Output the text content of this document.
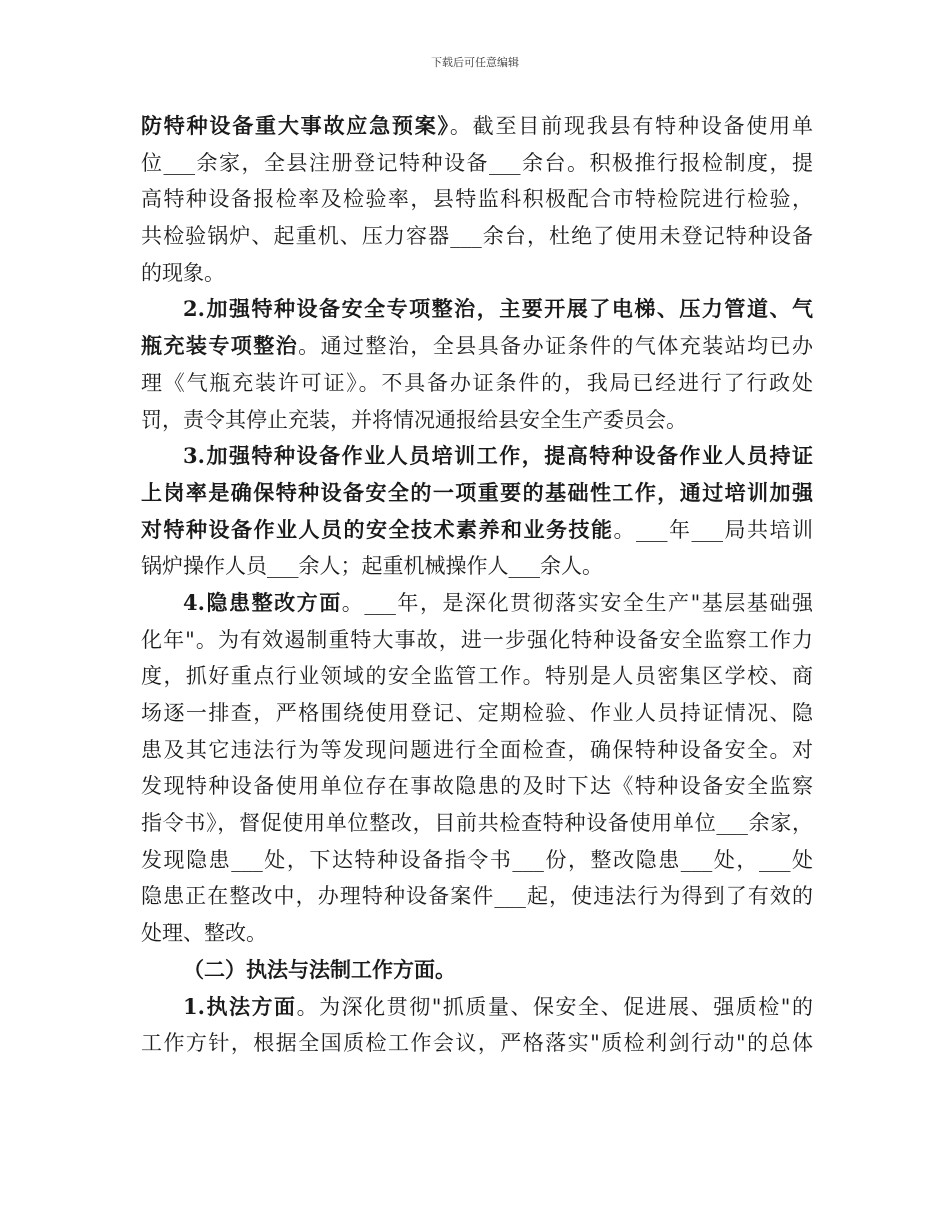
下载后可任意编辑
防特种设备重大事故应急预案》。截至目前现我县有特种设备使用单
位___余家，全县注册登记特种设备___余台。积极推行报检制度，提
高特种设备报检率及检验率，县特监科积极配合市特检院进行检验，
共检验锅炉、起重机、压力容器___余台，杜绝了使用未登记特种设备
的现象。
2.加强特种设备安全专项整治，主要开展了电梯、压力管道、气
瓶充装专项整治。通过整治，全县具备办证条件的气体充装站均已办
理《气瓶充装许可证》。不具备办证条件的，我局已经进行了行政处
罚，责令其停止充装，并将情况通报给县安全生产委员会。
3.加强特种设备作业人员培训工作，提高特种设备作业人员持证
上岗率是确保特种设备安全的一项重要的基础性工作，通过培训加强
对特种设备作业人员的安全技术素养和业务技能。___年___局共培训
锅炉操作人员___余人；起重机械操作人___余人。
4.隐患整改方面。___年，是深化贯彻落实安全生产"基层基础强
化年"。为有效遏制重特大事故，进一步强化特种设备安全监察工作力
度，抓好重点行业领域的安全监管工作。特别是人员密集区学校、商
场逐一排查，严格围绕使用登记、定期检验、作业人员持证情况、隐
患及其它违法行为等发现问题进行全面检查，确保特种设备安全。对
发现特种设备使用单位存在事故隐患的及时下达《特种设备安全监察
指令书》，督促使用单位整改，目前共检查特种设备使用单位___余家，
发现隐患___处，下达特种设备指令书___份，整改隐患___处，___处
隐患正在整改中，办理特种设备案件___起，使违法行为得到了有效的
处理、整改。
（二）执法与法制工作方面。
1.执法方面。为深化贯彻"抓质量、保安全、促进展、强质检"的
工作方针，根据全国质检工作会议，严格落实"质检利剑行动"的总体
